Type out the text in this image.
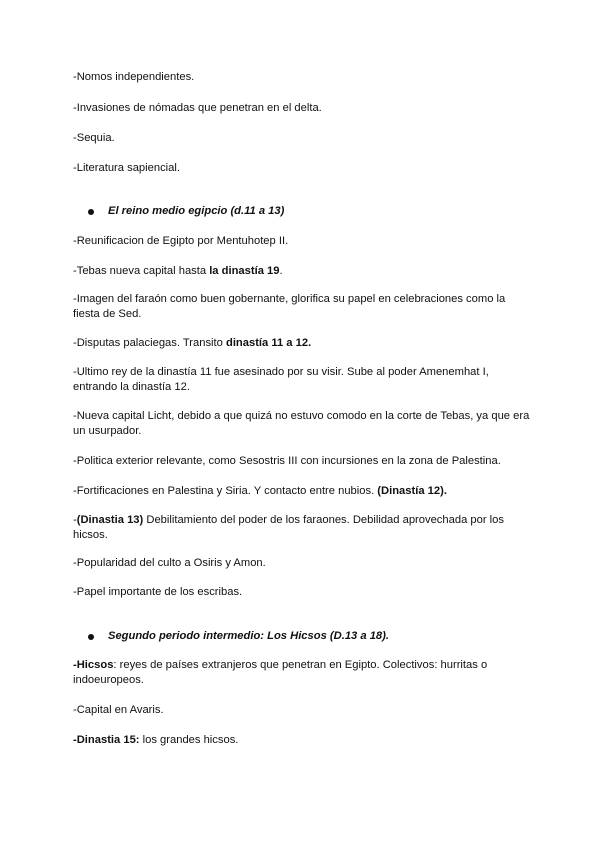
-Nomos independientes.

-Invasiones de nómadas que penetran en el delta.

-Sequia.

-Literatura sapiencial.

El reino medio egipcio (d.11 a 13)

-Reunificacion de Egipto por Mentuhotep II.

-Tebas nueva capital hasta la dinastía 19.

-Imagen del faraón como buen gobernante, glorifica su papel en celebraciones como la fiesta de Sed.

-Disputas palaciegas. Transito dinastía 11 a 12.

-Ultimo rey de la dinastía 11 fue asesinado por su visir. Sube al poder Amenemhat I, entrando la dinastía 12.

-Nueva capital Licht, debido a que quizá no estuvo comodo en la corte de Tebas, ya que era un usurpador.

-Politica exterior relevante, como Sesostris III con incursiones en la zona de Palestina.

-Fortificaciones en Palestina y Siria. Y contacto entre nubios. (Dinastía 12).

-(Dinastia 13) Debilitamiento del poder de los faraones. Debilidad aprovechada por los hicsos.

-Popularidad del culto a Osiris y Amon.

-Papel importante de los escribas.

Segundo periodo intermedio: Los Hicsos (D.13 a 18).

-Hicsos: reyes de países extranjeros que penetran en Egipto. Colectivos: hurritas o indoeuropeos.

-Capital en Avaris.

-Dinastia 15: los grandes hicsos.
